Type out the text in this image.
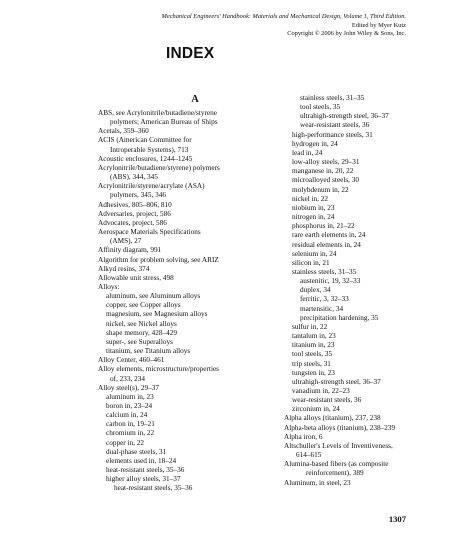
Mechanical Engineers' Handbook: Materials and Mechanical Design, Volume 1, Third Edition.
Edited by Myer Kutz
Copyright © 2006 by John Wiley & Sons, Inc.
INDEX
A
ABS, see Acrylonitrile/butadiene/styrene
polymers; American Bureau of Ships
Acetals, 359–360
ACIS (American Committee for
Introperable Systems), 713
Acoustic enclosures, 1244–1245
Acrylonitrile/butadiene/styrene) polymers
(ABS), 344, 345
Acrylonitrile/styrene/acrylate (ASA)
polymers, 345, 346
Adhesives, 805–806, 810
Adversaries, project, 586
Advocates, project, 586
Aerospace Materials Specifications
(AMS), 27
Affinity diagram, 991
Algorithm for problem solving, see ARIZ
Alkyd resins, 374
Allowable unit stress, 498
Alloys:
aluminum, see Aluminum alloys
copper, see Copper alloys
magnesium, see Magnesium alloys
nickel, see Nickel alloys
shape memory, 428–429
super-, see Superalloys
titanium, see Titanium alloys
Alloy Center, 460–461
Alloy elements, microstructure/properties
of, 233, 234
Alloy steel(s), 29–37
aluminum in, 23
boron in, 23–24
calcium in, 24
carbon in, 19–21
chromium in, 22
copper in, 22
dual-phase steels, 31
elements used in, 18–24
heat-resistant steels, 35–36
higher alloy steels, 31–37
heat-resistant steels, 35–36
stainless steels, 31–35
tool steels, 35
ultrahigh-strength steel, 36–37
wear-resistant steels, 36
high-performance steels, 31
hydrogen in, 24
lead in, 24
low-alloy steels, 29–31
manganese in, 20, 22
microalloyed steels, 30
molybdenum in, 22
nickel in, 22
niobium in, 23
nitrogen in, 24
phosphorus in, 21–22
rare earth elements in, 24
residual elements in, 24
selenium in, 24
silicon in, 21
stainless steels, 31–35
austenitic, 19, 32–33
duplex, 34
ferritic, 3, 32–33
martensitic, 34
precipitation hardening, 35
sulfur in, 22
tantalum in, 23
titanium in, 23
tool steels, 35
trip steels, 31
tungsten in, 23
ultrahigh-strength steel, 36–37
vanadium in, 22–23
wear-resistant steels, 36
zirconium in, 24
Alpha alloys (titanium), 237, 238
Alpha-beta alloys (titanium), 238–239
Alpha iron, 6
Altschuller's Levels of Inventiveness,
614–615
Alumina-based fibers (as composite
reinforcement), 389
Aluminum, in steel, 23
1307
